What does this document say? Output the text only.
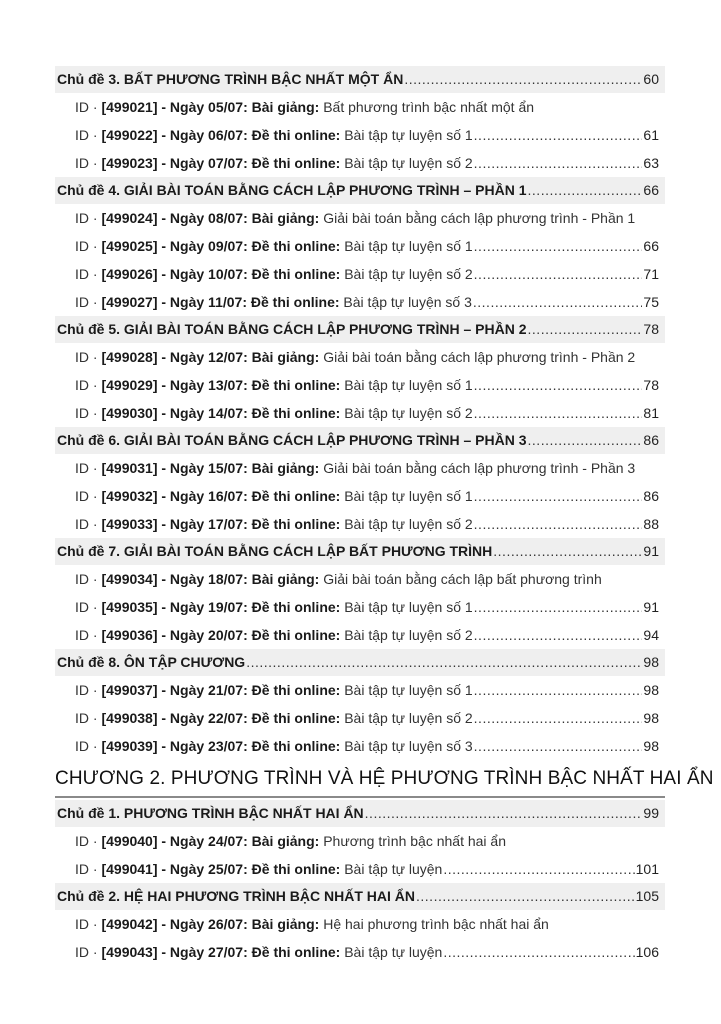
Chủ đề 3. BẤT PHƯƠNG TRÌNH BẬC NHẤT MỘT ẨN .....	60
ID · [499021] - Ngày 05/07: Bài giảng: Bất phương trình bậc nhất một ẩn
ID · [499022] - Ngày 06/07: Đề thi online: Bài tập tự luyện số 1 .....	61
ID · [499023] - Ngày 07/07: Đề thi online: Bài tập tự luyện số 2 .....	63
Chủ đề 4. GIẢI BÀI TOÁN BẰNG CÁCH LẬP PHƯƠNG TRÌNH – PHẦN 1 .....	66
ID · [499024] - Ngày 08/07: Bài giảng: Giải bài toán bằng cách lập phương trình - Phần 1
ID · [499025] - Ngày 09/07: Đề thi online: Bài tập tự luyện số 1 .....	66
ID · [499026] - Ngày 10/07: Đề thi online: Bài tập tự luyện số 2 .....	71
ID · [499027] - Ngày 11/07: Đề thi online: Bài tập tự luyện số 3 .....	75
Chủ đề 5. GIẢI BÀI TOÁN BẰNG CÁCH LẬP PHƯƠNG TRÌNH – PHẦN 2 .....	78
ID · [499028] - Ngày 12/07: Bài giảng: Giải bài toán bằng cách lập phương trình - Phần 2
ID · [499029] - Ngày 13/07: Đề thi online: Bài tập tự luyện số 1 .....	78
ID · [499030] - Ngày 14/07: Đề thi online: Bài tập tự luyện số 2 .....	81
Chủ đề 6. GIẢI BÀI TOÁN BẰNG CÁCH LẬP PHƯƠNG TRÌNH – PHẦN 3 .....	86
ID · [499031] - Ngày 15/07: Bài giảng: Giải bài toán bằng cách lập phương trình - Phần 3
ID · [499032] - Ngày 16/07: Đề thi online: Bài tập tự luyện số 1 .....	86
ID · [499033] - Ngày 17/07: Đề thi online: Bài tập tự luyện số 2 .....	88
Chủ đề 7. GIẢI BÀI TOÁN BẰNG CÁCH LẬP BẤT PHƯƠNG TRÌNH .....	91
ID · [499034] - Ngày 18/07: Bài giảng: Giải bài toán bằng cách lập bất phương trình
ID · [499035] - Ngày 19/07: Đề thi online: Bài tập tự luyện số 1 .....	91
ID · [499036] - Ngày 20/07: Đề thi online: Bài tập tự luyện số 2 .....	94
Chủ đề 8. ÔN TẬP CHƯƠNG .....	98
ID · [499037] - Ngày 21/07: Đề thi online: Bài tập tự luyện số 1 .....	98
ID · [499038] - Ngày 22/07: Đề thi online: Bài tập tự luyện số 2 .....	98
ID · [499039] - Ngày 23/07: Đề thi online: Bài tập tự luyện số 3 .....	98
CHƯƠNG 2. PHƯƠNG TRÌNH VÀ HỆ PHƯƠNG TRÌNH BẬC NHẤT HAI ẨN
Chủ đề 1. PHƯƠNG TRÌNH BẬC NHẤT HAI ẨN .....	99
ID · [499040] - Ngày 24/07: Bài giảng: Phương trình bậc nhất hai ẩn
ID · [499041] - Ngày 25/07: Đề thi online: Bài tập tự luyện .....	101
Chủ đề 2. HỆ HAI PHƯƠNG TRÌNH BẬC NHẤT HAI ẨN .....	105
ID · [499042] - Ngày 26/07: Bài giảng: Hệ hai phương trình bậc nhất hai ẩn
ID · [499043] - Ngày 27/07: Đề thi online: Bài tập tự luyện .....	106
